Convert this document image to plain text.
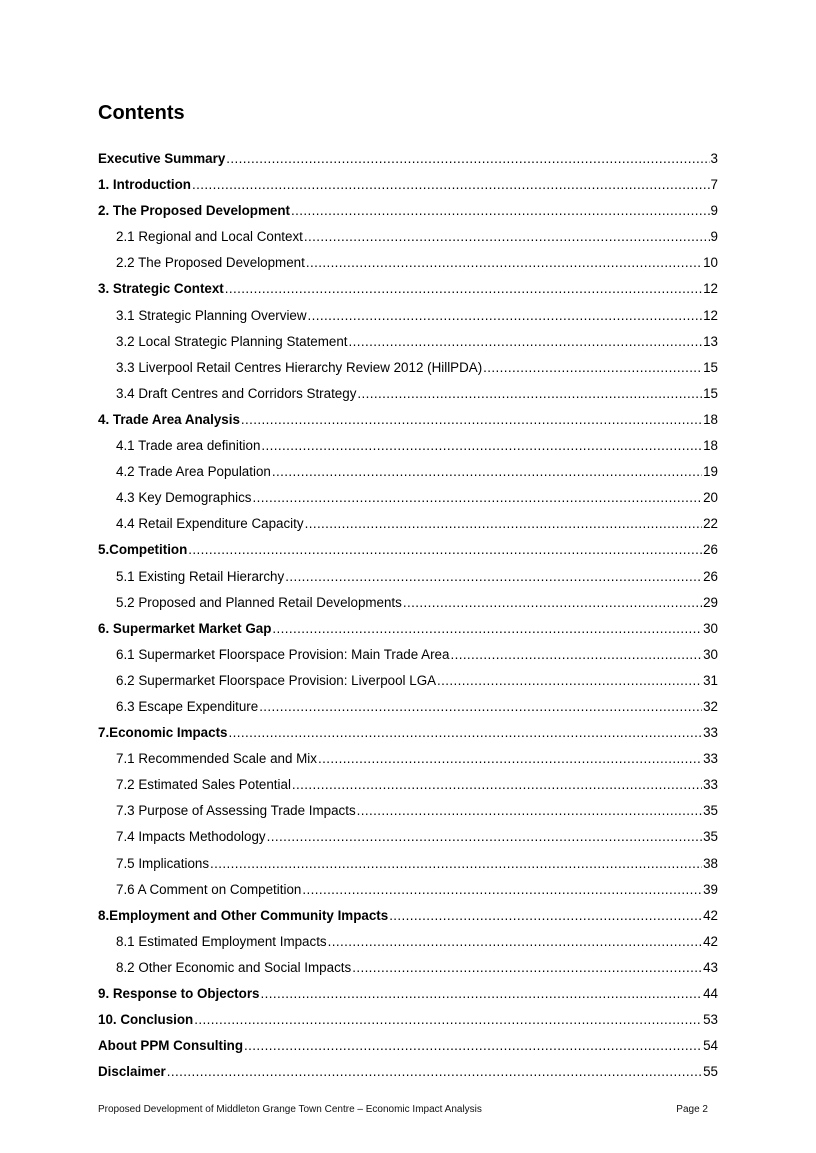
Contents
Executive Summary .....	3
1. Introduction .....	7
2. The Proposed Development .....	9
2.1 Regional and Local Context .....	9
2.2 The Proposed Development .....	10
3. Strategic Context .....	12
3.1 Strategic Planning Overview .....	12
3.2 Local Strategic Planning Statement .....	13
3.3 Liverpool Retail Centres Hierarchy Review 2012 (HillPDA) .....	15
3.4 Draft Centres and Corridors Strategy .....	15
4. Trade Area Analysis .....	18
4.1 Trade area definition .....	18
4.2 Trade Area Population .....	19
4.3 Key Demographics .....	20
4.4 Retail Expenditure Capacity .....	22
5.Competition .....	26
5.1 Existing Retail Hierarchy .....	26
5.2 Proposed and Planned Retail Developments .....	29
6. Supermarket Market Gap .....	30
6.1 Supermarket Floorspace Provision: Main Trade Area .....	30
6.2 Supermarket Floorspace Provision: Liverpool LGA .....	31
6.3 Escape Expenditure .....	32
7.Economic Impacts .....	33
7.1 Recommended Scale and Mix .....	33
7.2 Estimated Sales Potential .....	33
7.3 Purpose of Assessing Trade Impacts .....	35
7.4 Impacts Methodology .....	35
7.5 Implications .....	38
7.6 A Comment on Competition .....	39
8.Employment and Other Community Impacts .....	42
8.1 Estimated Employment Impacts .....	42
8.2 Other Economic and Social Impacts .....	43
9. Response to Objectors .....	44
10. Conclusion .....	53
About PPM Consulting .....	54
Disclaimer .....	55
Proposed Development of Middleton Grange Town Centre – Economic Impact Analysis	Page 2
